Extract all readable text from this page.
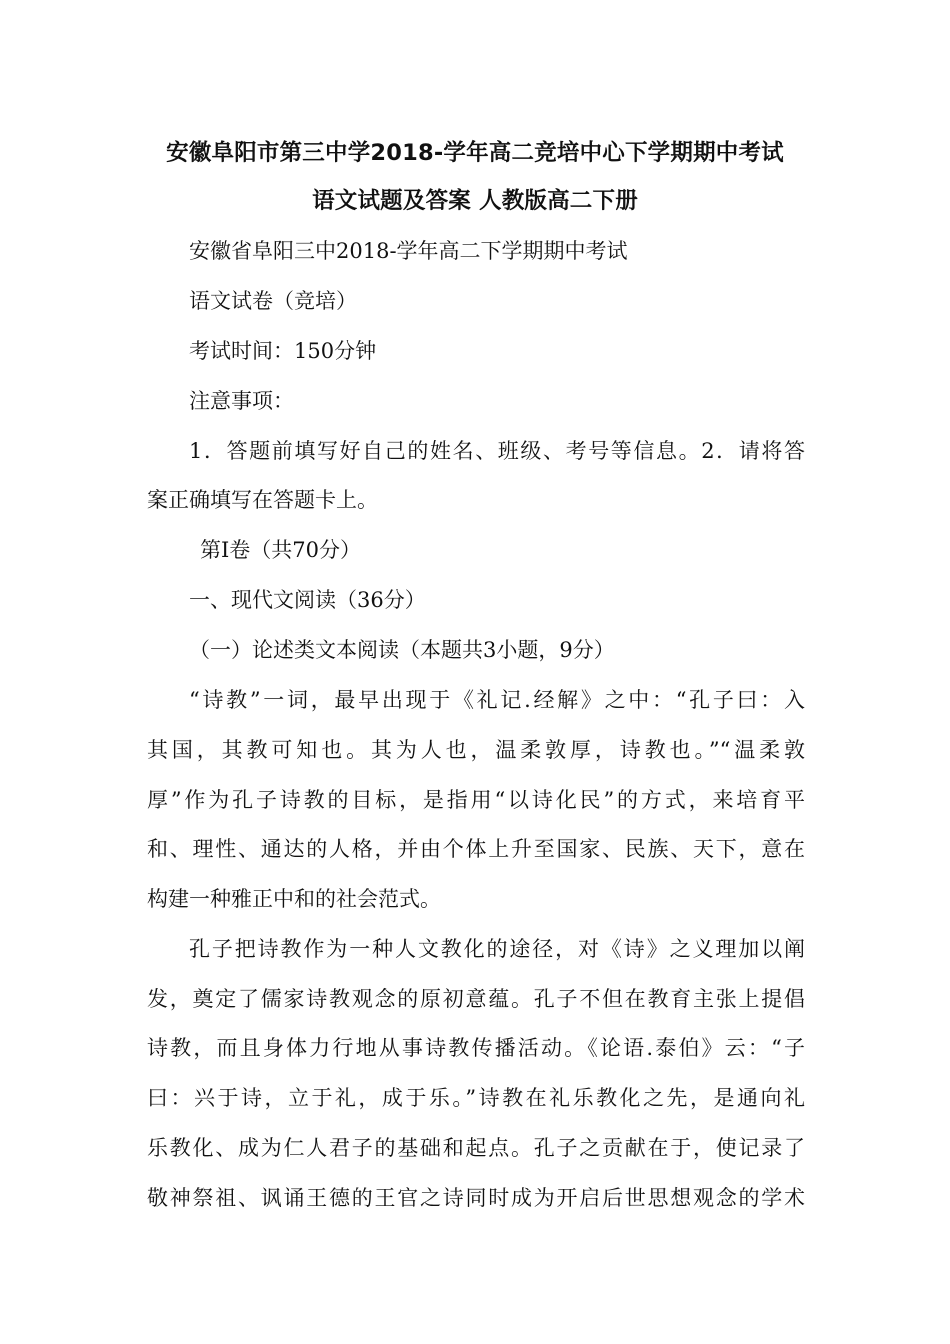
安徽阜阳市第三中学2018-学年高二竞培中心下学期期中考试
语文试题及答案 人教版高二下册
安徽省阜阳三中2018-学年高二下学期期中考试
语文试卷（竞培）
考试时间：150分钟
注意事项：
1．答题前填写好自己的姓名、班级、考号等信息。2．请将答
案正确填写在答题卡上。
第Ⅰ卷（共70分）
一、现代文阅读（36分）
（一）论述类文本阅读（本题共3小题，9分）
“诗教”一词，最早出现于《礼记.经解》之中：“孔子曰：入
其国，其教可知也。其为人也，温柔敦厚，诗教也。”“温柔敦
厚”作为孔子诗教的目标，是指用“以诗化民”的方式，来培育平
和、理性、通达的人格，并由个体上升至国家、民族、天下，意在
构建一种雅正中和的社会范式。
孔子把诗教作为一种人文教化的途径，对《诗》之义理加以阐
发，奠定了儒家诗教观念的原初意蕴。孔子不但在教育主张上提倡
诗教，而且身体力行地从事诗教传播活动。《论语.泰伯》云：“子
曰：兴于诗，立于礼，成于乐。”诗教在礼乐教化之先，是通向礼
乐教化、成为仁人君子的基础和起点。孔子之贡献在于，使记录了
敬神祭祖、讽诵王德的王官之诗同时成为开启后世思想观念的学术
